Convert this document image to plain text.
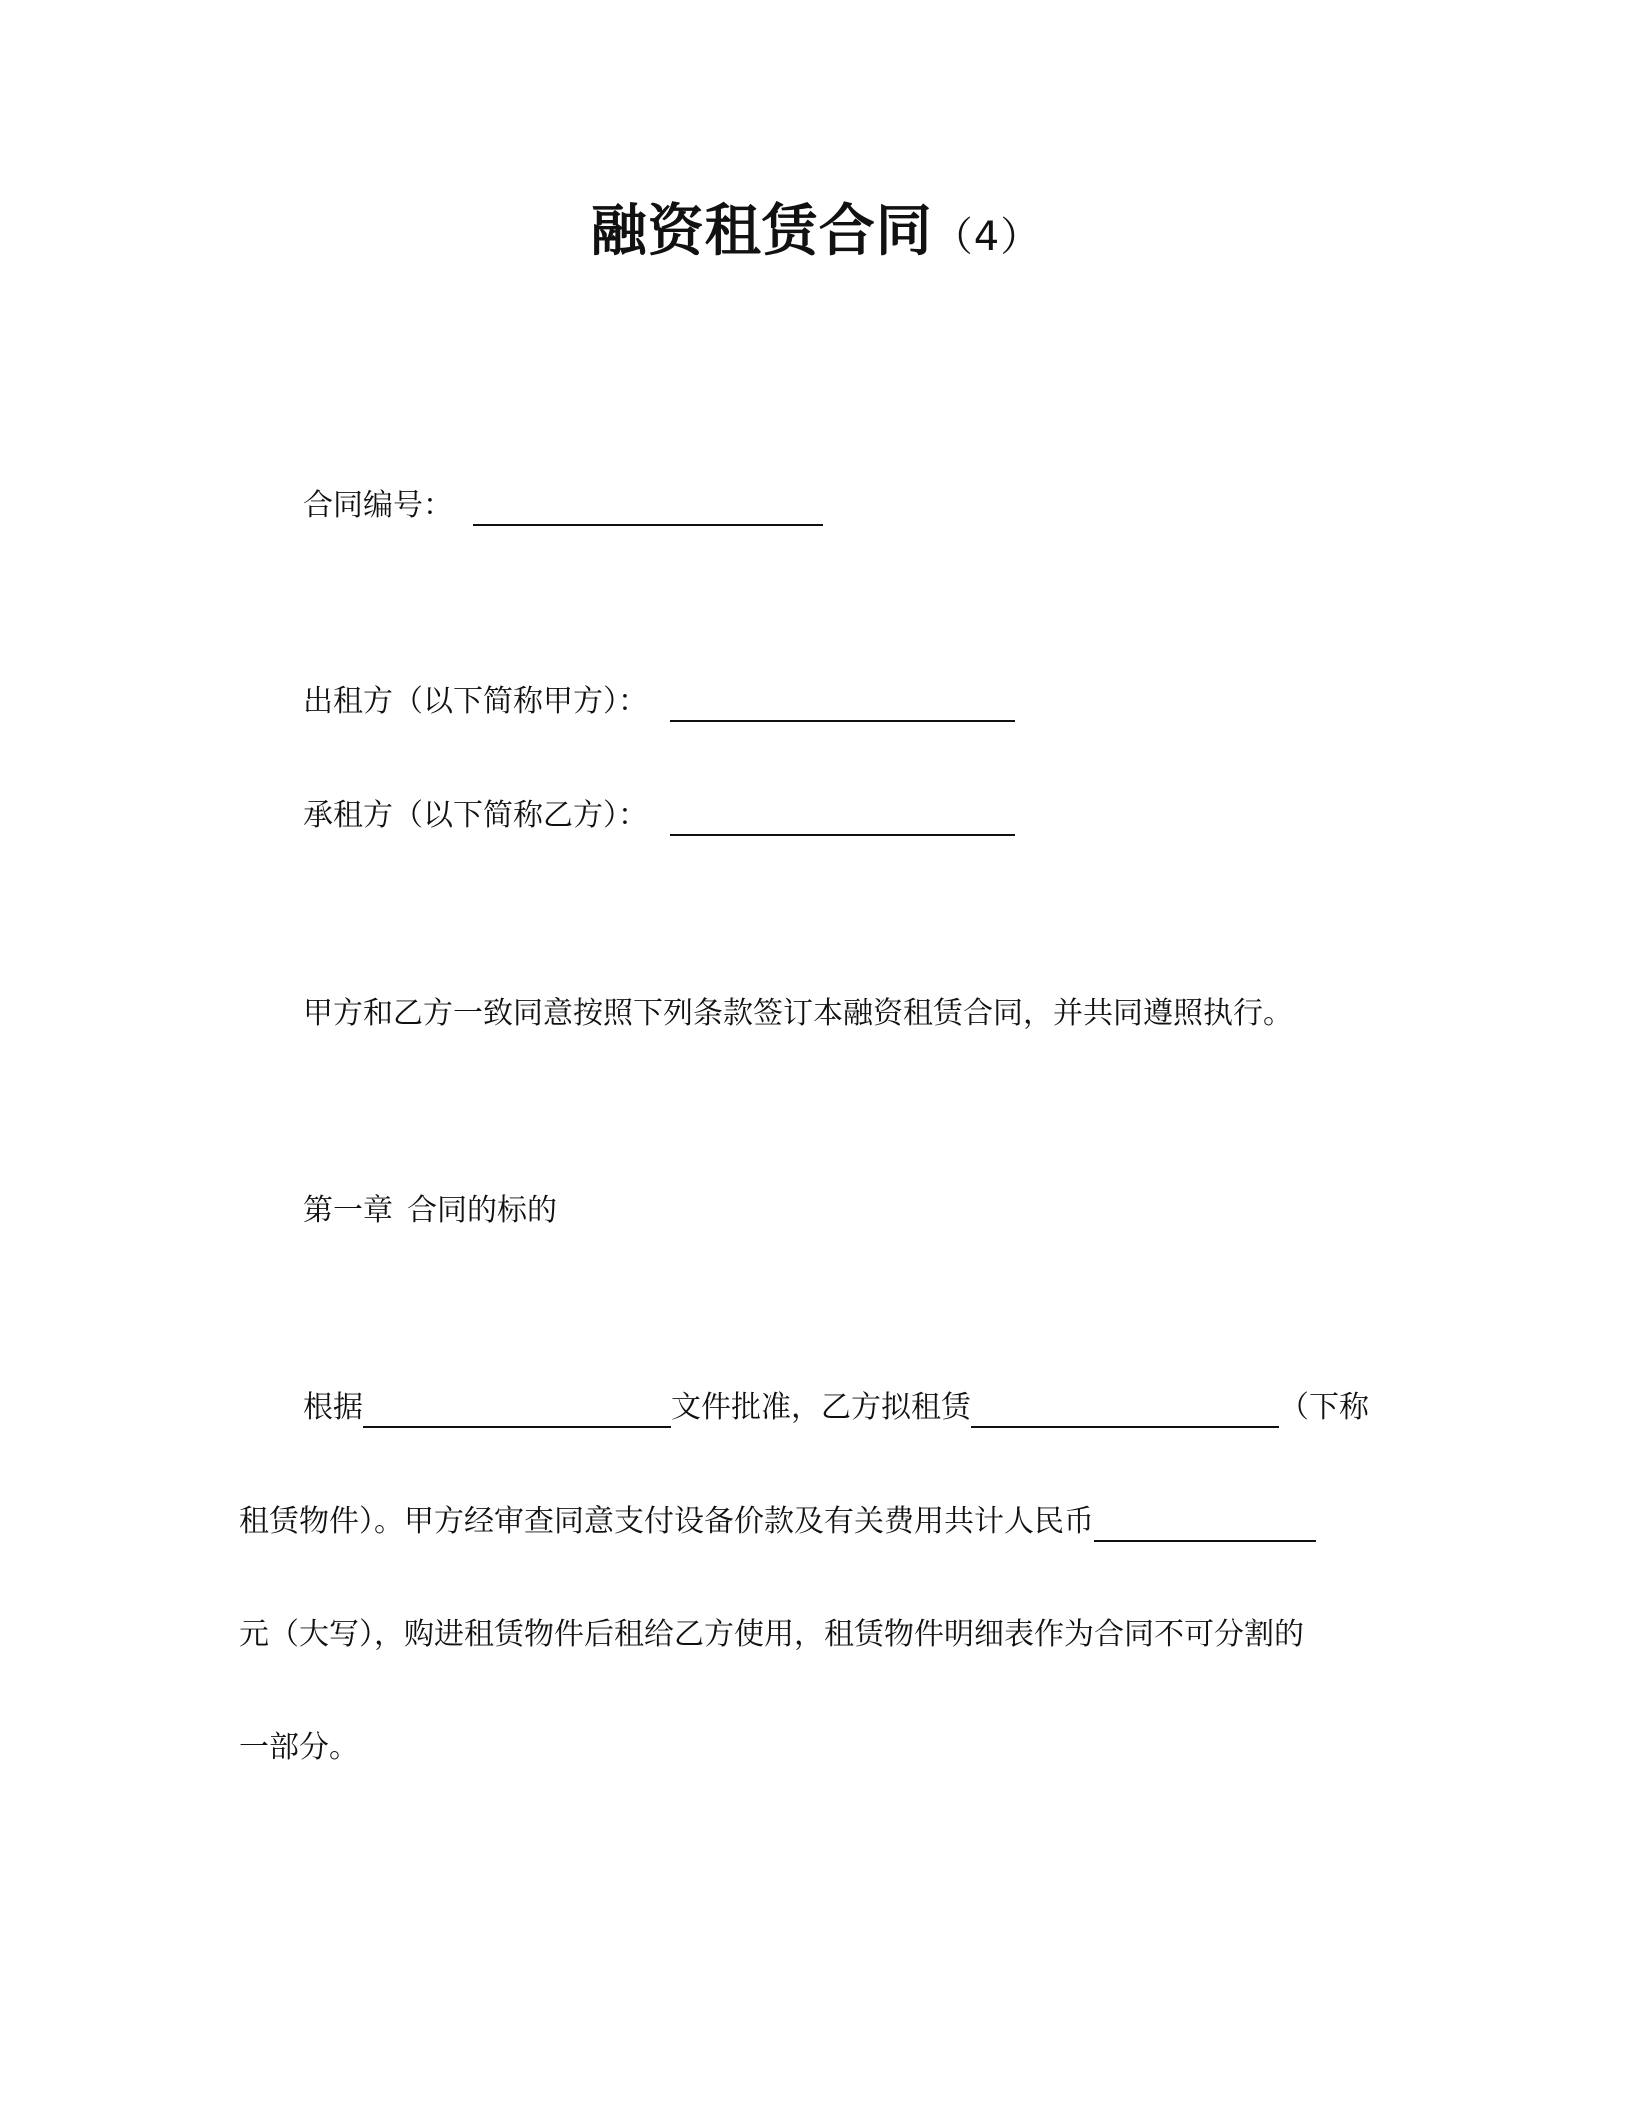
融资租赁合同（4）
合同编号：
出租方（以下简称甲方）：
承租方（以下简称乙方）：
甲方和乙方一致同意按照下列条款签订本融资租赁合同，并共同遵照执行。
第一章 合同的标的
根据	文件批准，乙方拟租赁	（下称
租赁物件）。甲方经审查同意支付设备价款及有关费用共计人民币
元（大写），购进租赁物件后租给乙方使用，租赁物件明细表作为合同不可分割的
一部分。
